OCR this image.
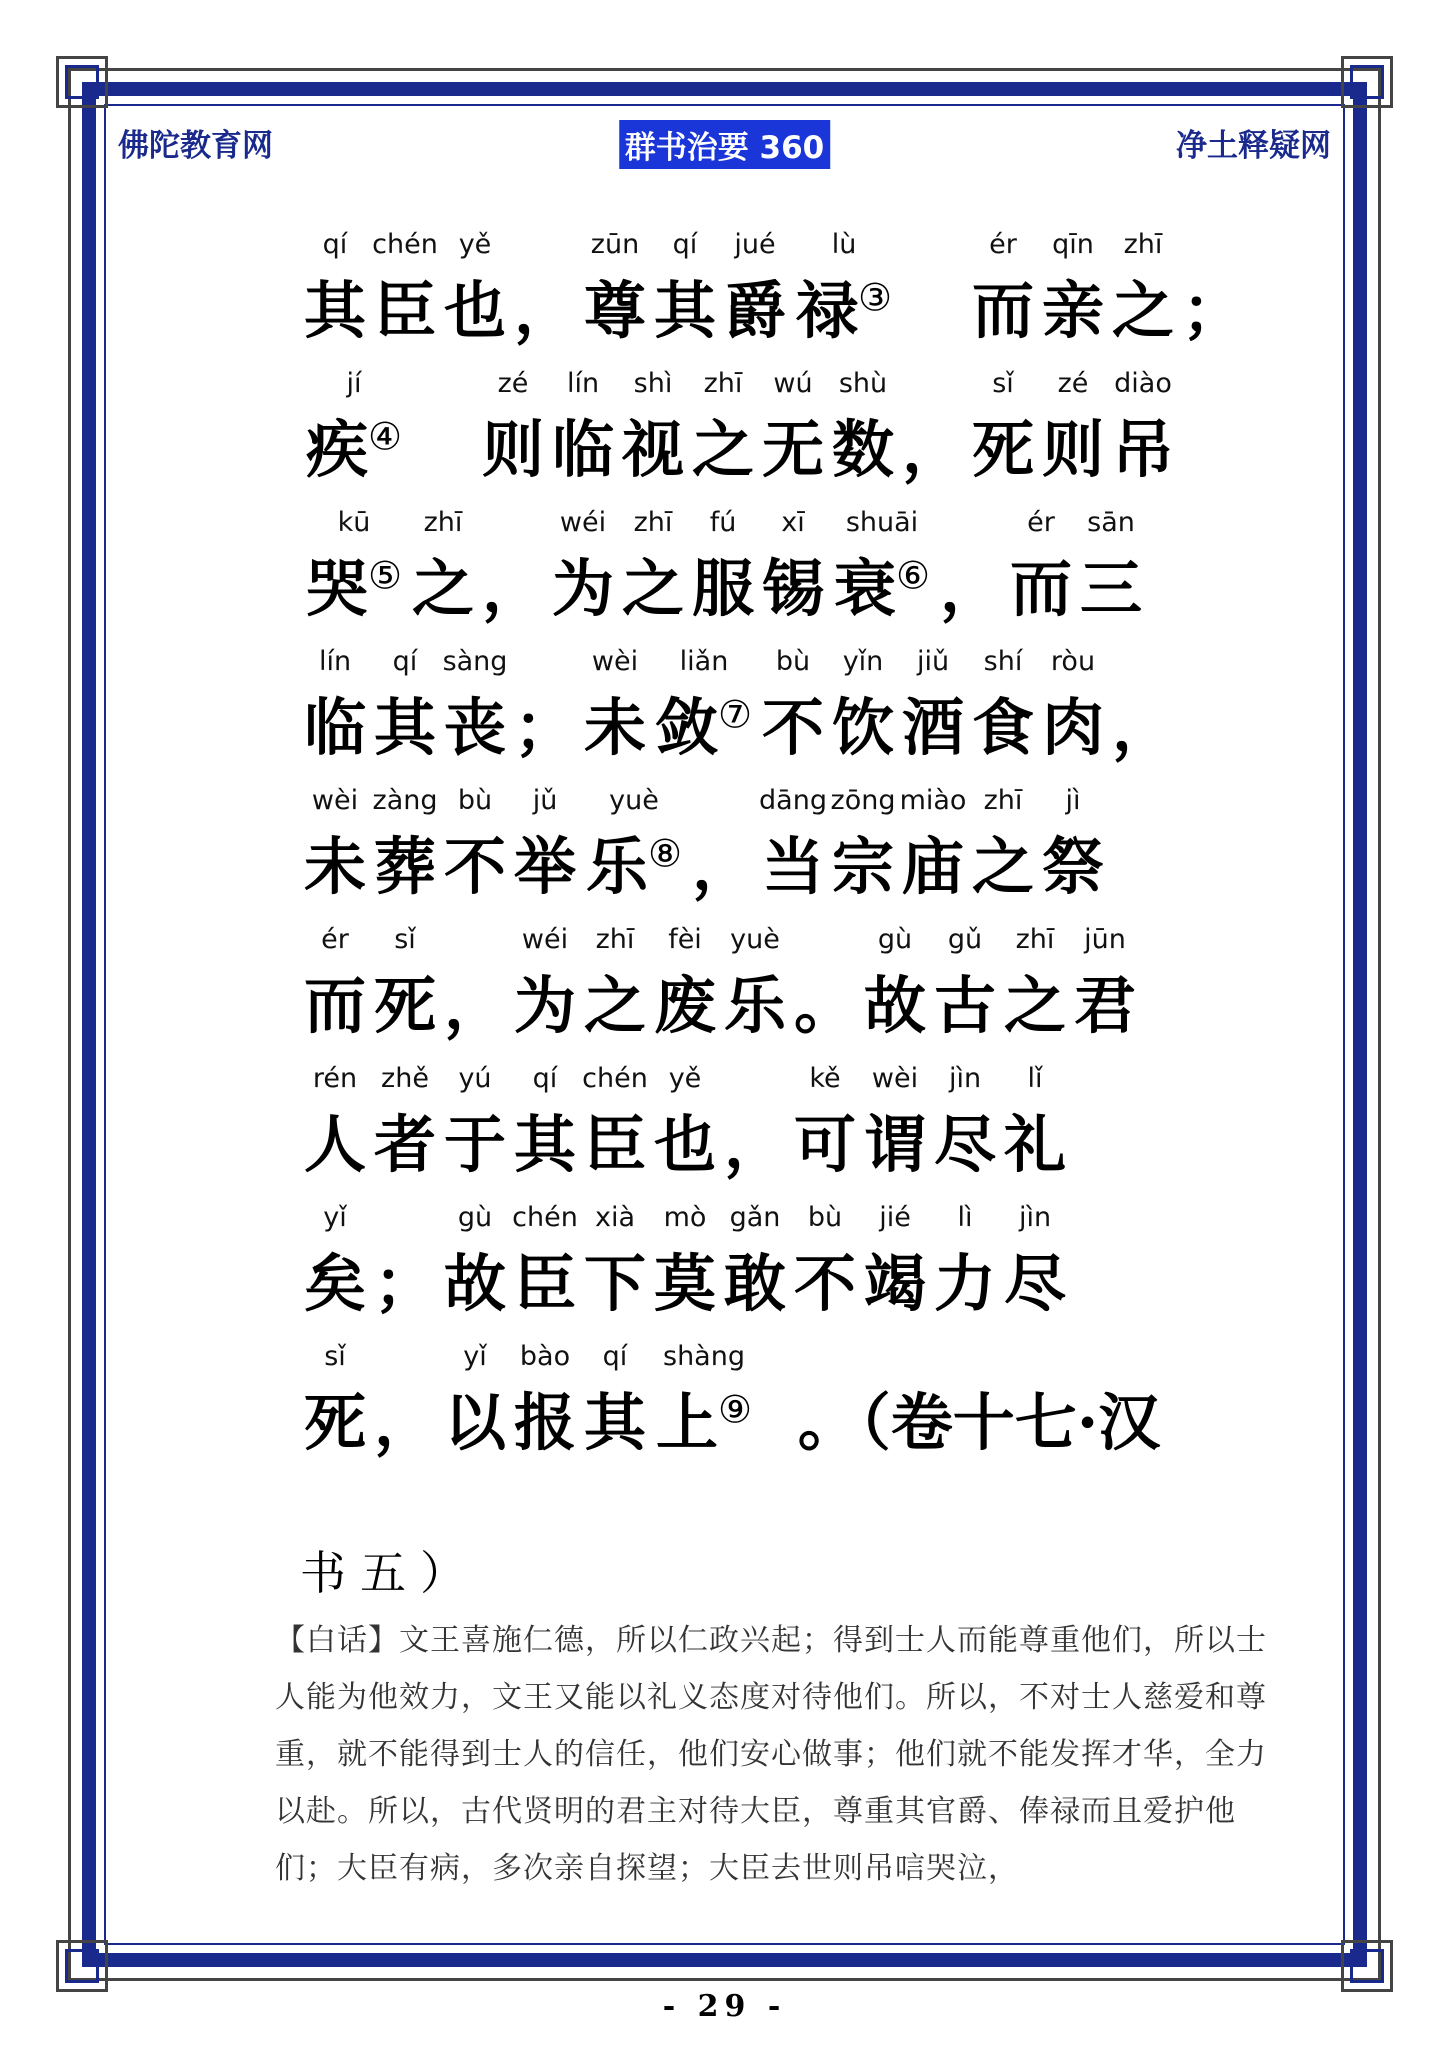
佛陀教育网	群书治要 360	净土释疑网
qí
其
chén
臣
yě
也 ，
zūn
尊
qí
其
jué
爵
lù
禄③

ér
而
qīn
亲
zhī
之 ；
jí
疾④

zé
则
lín
临
shì
视
zhī
之
wú
无
shù
数 ，
sǐ
死
zé
则
diào
吊
kū
哭⑤
zhī
之 ，
wéi
为
zhī
之
fú
服
xī
锡
shuāi
衰⑥ ，
ér
而
sān
三
lín
临
qí
其
sàng
丧 ；
wèi
未
liǎn
敛⑦
bù
不
yǐn
饮
jiǔ
酒
shí
食
ròu
肉 ，
wèi
未
zàng
葬
bù
不
jǔ
举
yuè
乐⑧ ，
dāng
当
zōng
宗
miào
庙
zhī
之
jì
祭
ér
而
sǐ
死 ，
wéi
为
zhī
之
fèi
废
yuè
乐 。
gù
故
gǔ
古
zhī
之
jūn
君
rén
人
zhě
者
yú
于
qí
其
chén
臣
yě
也 ，
kě
可
wèi
谓
jìn
尽
lǐ
礼
yǐ
矣 ；
gù
故
chén
臣
xià
下
mò
莫
gǎn
敢
bù
不
jié
竭
lì
力
jìn
尽
sǐ
死 ，
yǐ
以
bào
报
qí
其
shàng
上⑨ 。（卷十七·汉
书五）
【白话】文王喜施仁德，所以仁政兴起；得到士人而能尊重他们，所以士人能为他效力，文王又能以礼义态度对待他们。所以，不对士人慈爱和尊重，就不能得到士人的信任，他们安心做事；他们就不能发挥才华，全力以赴。所以，古代贤明的君主对待大臣，尊重其官爵、俸禄而且爱护他们；大臣有病，多次亲自探望；大臣去世则吊唁哭泣，
- 29 -
